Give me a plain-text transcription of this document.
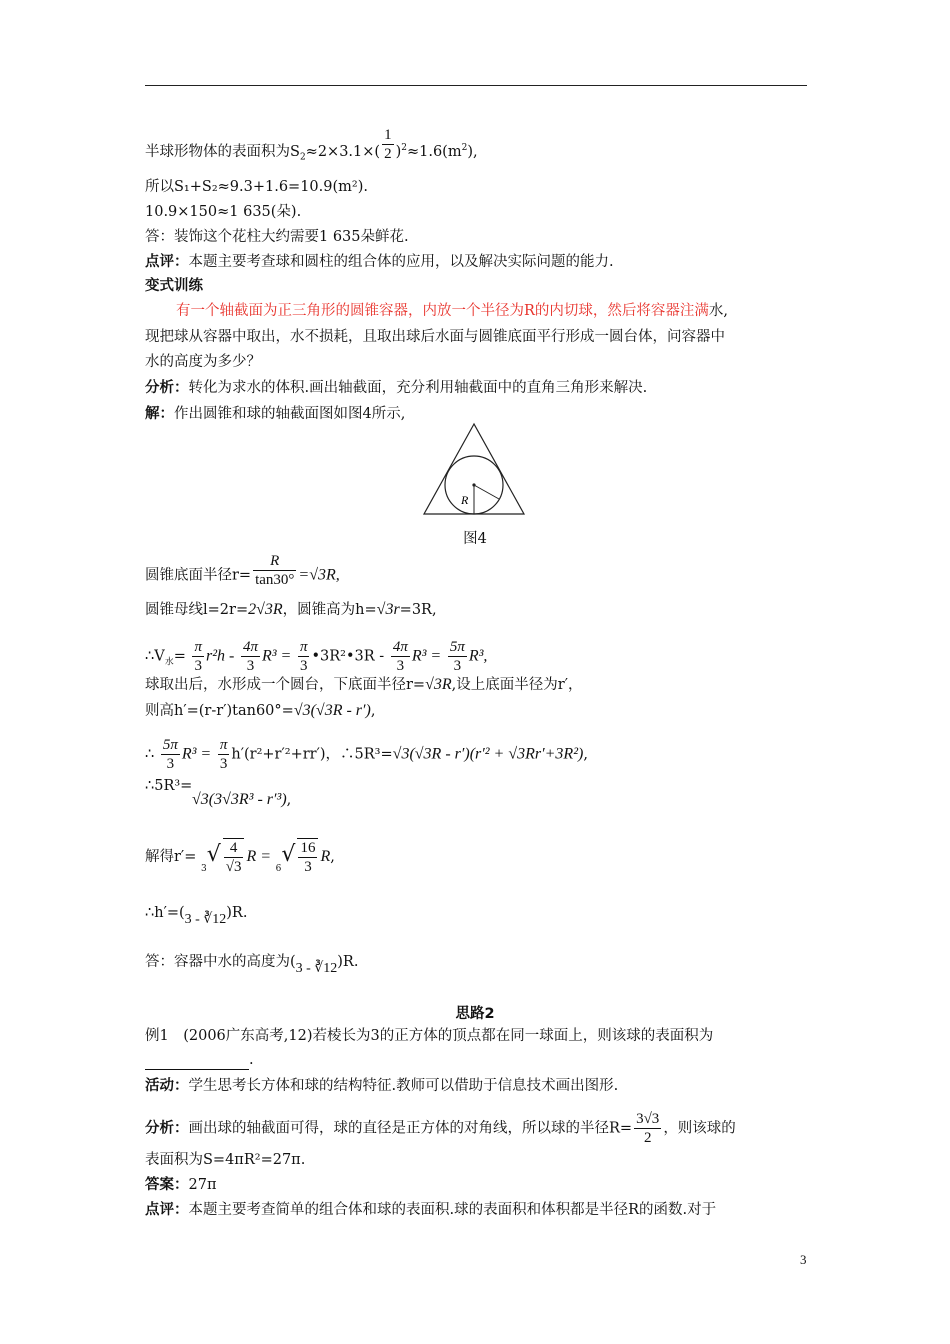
半球形物体的表面积为$S_2\approx 2\times 3.1\times( \frac{1}{2} )^2\approx 1.6(m^2)$,
所以S₁+S₂≈9.3+1.6=10.9(m²).
10.9×150≈1 635(朵).
答：装饰这个花柱大约需要1 635朵鲜花.
点评：本题主要考查球和圆柱的组合体的应用，以及解决实际问题的能力.
变式训练
有一个轴截面为正三角形的圆锥容器，内放一个半径为R的内切球，然后将容器注满水,
现把球从容器中取出，水不损耗，且取出球后水面与圆锥底面平行形成一圆台体，问容器中
水的高度为多少？
分析：转化为求水的体积.画出轴截面，充分利用轴截面中的直角三角形来解决.
解：作出圆锥和球的轴截面图如图4所示,
R
图4
圆锥底面半径$r= \frac{R}{\tan 30^\circ} =√3R$,
圆锥母线l=2r=2√3R，圆锥高为h=√3r=3R,
$\therefore V_水= \frac{\pi}{3} r^2h - \frac{4\pi}{3} R^3 = \frac{\pi}{3}$ •3R²•3R - $\frac{4\pi}{3} R^3 = \frac{5\pi}{3} R^3$,
球取出后，水形成一个圆台，下底面半径r=√3R,设上底面半径为r′，
则高h′=(r-r′)tan60°=√3(√3R - r′),
∴ $\frac{5\pi}{3} R^3 = \frac{\pi}{3} h'(r^2+r'^2+rr')$，∴5R³=√3(√3R - r′)(r′² + √3Rr′+3R²),
∴5R³=
√3(3√3R³ - r′³),
解得$r'= ^3√ \frac{4}{√3}$ $R = ^6√ \frac{16}{3} R$,
∴h′=(3 - ∛12)R.
答：容器中水的高度为(3 - ∛12)R.
思路2
例1　(2006广东高考,12)若棱长为3的正方体的顶点都在同一球面上，则该球的表面积为
.
活动：学生思考长方体和球的结构特征.教师可以借助于信息技术画出图形.
分析：画出球的轴截面可得，球的直径是正方体的对角线，所以球的半径$R= \frac{3√3}{2}$ ，则该球的
表面积为S=4πR²=27π.
答案：27π
点评：本题主要考查简单的组合体和球的表面积.球的表面积和体积都是半径R的函数.对于
3
